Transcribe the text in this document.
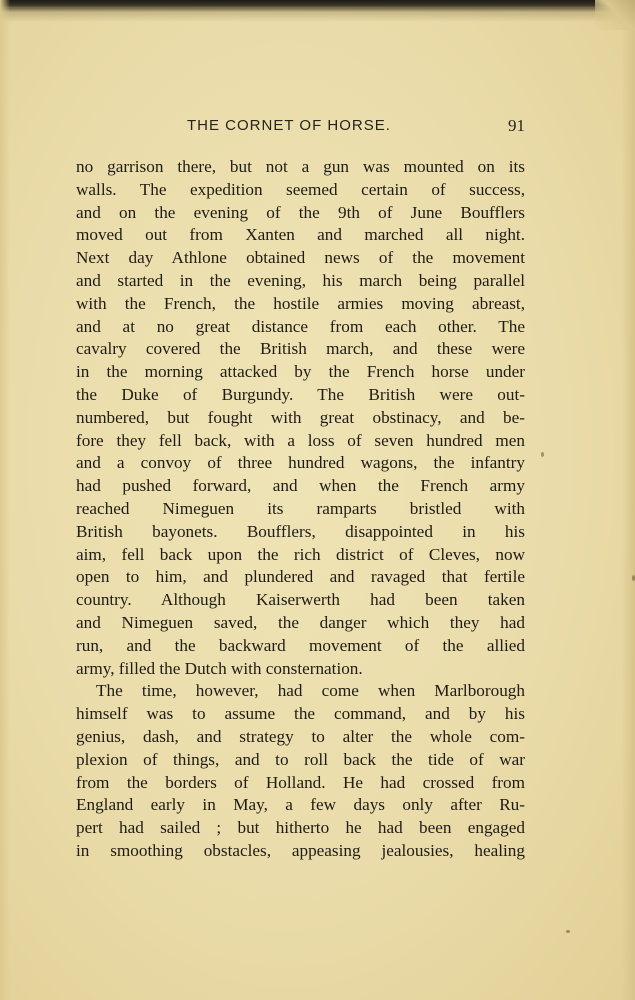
THE CORNET OF HORSE.	91
no garrison there, but not a gun was mounted on its
walls. The expedition seemed certain of success,
and on the evening of the 9th of June Boufflers
moved out from Xanten and marched all night.
Next day Athlone obtained news of the movement
and started in the evening, his march being parallel
with the French, the hostile armies moving abreast,
and at no great distance from each other. The
cavalry covered the British march, and these were
in the morning attacked by the French horse under
the Duke of Burgundy. The British were out-
numbered, but fought with great obstinacy, and be-
fore they fell back, with a loss of seven hundred men
and a convoy of three hundred wagons, the infantry
had pushed forward, and when the French army
reached Nimeguen its ramparts bristled with
British bayonets. Boufflers, disappointed in his
aim, fell back upon the rich district of Cleves, now
open to him, and plundered and ravaged that fertile
country. Although Kaiserwerth had been taken
and Nimeguen saved, the danger which they had
run, and the backward movement of the allied
army, filled the Dutch with consternation.
The time, however, had come when Marlborough
himself was to assume the command, and by his
genius, dash, and strategy to alter the whole com-
plexion of things, and to roll back the tide of war
from the borders of Holland. He had crossed from
England early in May, a few days only after Ru-
pert had sailed ; but hitherto he had been engaged
in smoothing obstacles, appeasing jealousies, healing
